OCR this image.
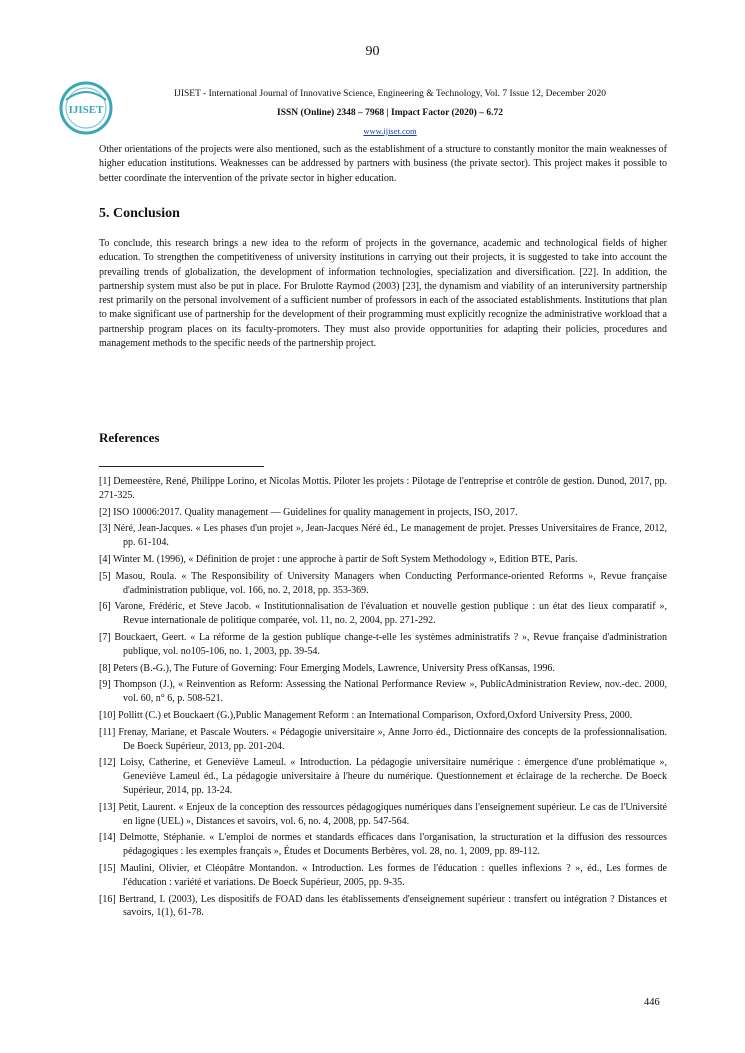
90
IJISET
IJISET - International Journal of Innovative Science, Engineering & Technology, Vol. 7 Issue 12, December 2020
ISSN (Online) 2348 – 7968 | Impact Factor (2020) – 6.72
www.ijiset.com
Other orientations of the projects were also mentioned, such as the establishment of a structure to constantly monitor the main weaknesses of higher education institutions. Weaknesses can be addressed by partners with business (the private sector). This project makes it possible to better coordinate the intervention of the private sector in higher education.
5. Conclusion
To conclude, this research brings a new idea to the reform of projects in the governance, academic and technological fields of higher education. To strengthen the competitiveness of university institutions in carrying out their projects, it is suggested to take into account the prevailing trends of globalization, the development of information technologies, specialization and diversification. [22]. In addition, the partnership system must also be put in place. For Brulotte Raymod (2003) [23], the dynamism and viability of an interuniversity partnership rest primarily on the personal involvement of a sufficient number of professors in each of the associated establishments. Institutions that plan to make significant use of partnership for the development of their programming must explicitly recognize the administrative workload that a partnership program places on its faculty-promoters. They must also provide opportunities for adapting their policies, procedures and management methods to the specific needs of the partnership project.
References
[1] Demeestère, René, Philippe Lorino, et Nicolas Mottis. Piloter les projets : Pilotage de l'entreprise et contrôle de gestion. Dunod, 2017, pp. 271-325.
[2] ISO 10006:2017. Quality management — Guidelines for quality management in projects, ISO, 2017.
[3] Néré, Jean-Jacques. « Les phases d'un projet », Jean-Jacques Néré éd., Le management de projet. Presses Universitaires de France, 2012, pp. 61-104.
[4] Winter M. (1996), « Définition de projet : une approche à partir de Soft System Methodology », Edition BTE, Paris.
[5] Masou, Roula. « The Responsibility of University Managers when Conducting Performance-oriented Reforms », Revue française d'administration publique, vol. 166, no. 2, 2018, pp. 353-369.
[6] Varone, Frédéric, et Steve Jacob. « Institutionnalisation de l'évaluation et nouvelle gestion publique : un état des lieux comparatif », Revue internationale de politique comparée, vol. 11, no. 2, 2004, pp. 271-292.
[7] Bouckaert, Geert. « La réforme de la gestion publique change-t-elle les systèmes administratifs ? », Revue française d'administration publique, vol. no105-106, no. 1, 2003, pp. 39-54.
[8] Peters (B.-G.), The Future of Governing: Four Emerging Models, Lawrence, University Press ofKansas, 1996.
[9] Thompson (J.), « Reinvention as Reform: Assessing the National Performance Review », PublicAdministration Review, nov.-dec. 2000, vol. 60, n° 6, p. 508-521.
[10] Pollitt (C.) et Bouckaert (G.),Public Management Reform : an International Comparison, Oxford,Oxford University Press, 2000.
[11] Frenay, Mariane, et Pascale Wouters. « Pédagogie universitaire », Anne Jorro éd., Dictionnaire des concepts de la professionnalisation. De Boeck Supérieur, 2013, pp. 201-204.
[12] Loisy, Catherine, et Geneviève Lameul. « Introduction. La pédagogie universitaire numérique : émergence d'une problématique », Geneviève Lameul éd., La pédagogie universitaire à l'heure du numérique. Questionnement et éclairage de la recherche. De Boeck Supérieur, 2014, pp. 13-24.
[13] Petit, Laurent. « Enjeux de la conception des ressources pédagogiques numériques dans l'enseignement supérieur. Le cas de l'Université en ligne (UEL) », Distances et savoirs, vol. 6, no. 4, 2008, pp. 547-564.
[14] Delmotte, Stéphanie. « L'emploi de normes et standards efficaces dans l'organisation, la structuration et la diffusion des ressources pédagogiques : les exemples français », Études et Documents Berbères, vol. 28, no. 1, 2009, pp. 89-112.
[15] Maulini, Olivier, et Cléopâtre Montandon. « Introduction. Les formes de l'éducation : quelles inflexions ? », éd., Les formes de l'éducation : variété et variations. De Boeck Supérieur, 2005, pp. 9-35.
[16] Bertrand, I. (2003), Les dispositifs de FOAD dans les établissements d'enseignement supérieur : transfert ou intégration ? Distances et savoirs, 1(1), 61-78.
446
